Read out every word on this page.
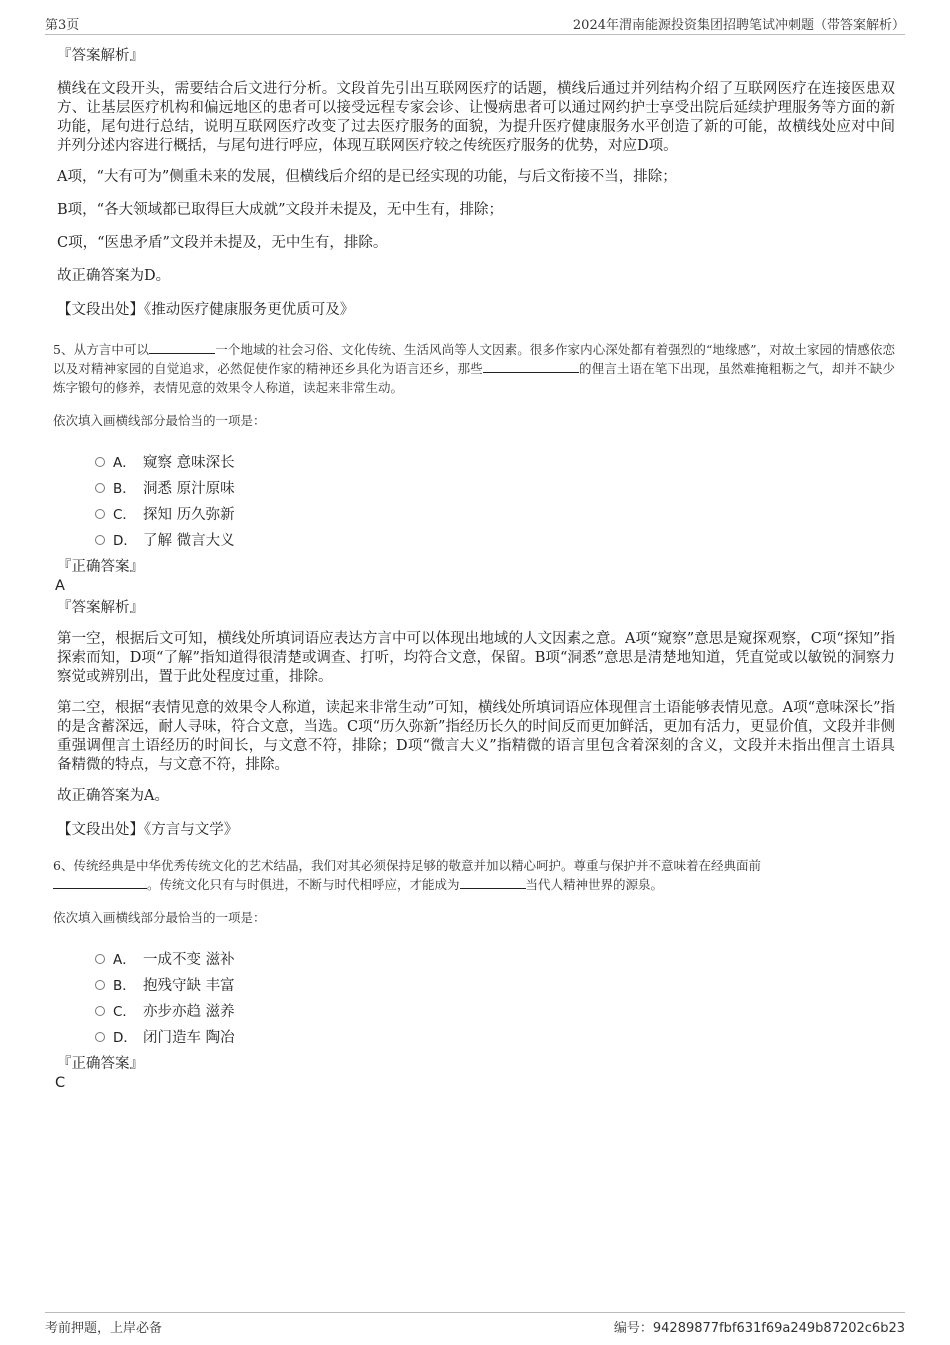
第3页	2024年渭南能源投资集团招聘笔试冲刺题（带答案解析）

『答案解析』

横线在文段开头，需要结合后文进行分析。文段首先引出互联网医疗的话题，横线后通过并列结构介绍了互联网医疗在连接医患双方、让基层医疗机构和偏远地区的患者可以接受远程专家会诊、让慢病患者可以通过网约护士享受出院后延续护理服务等方面的新功能，尾句进行总结，说明互联网医疗改变了过去医疗服务的面貌，为提升医疗健康服务水平创造了新的可能，故横线处应对中间并列分述内容进行概括，与尾句进行呼应，体现互联网医疗较之传统医疗服务的优势，对应D项。

A项，“大有可为”侧重未来的发展，但横线后介绍的是已经实现的功能，与后文衔接不当，排除；

B项，“各大领域都已取得巨大成就”文段并未提及，无中生有，排除；

C项，“医患矛盾”文段并未提及，无中生有，排除。

故正确答案为D。

【文段出处】《推动医疗健康服务更优质可及》

5、从方言中可以	一个地域的社会习俗、文化传统、生活风尚等人文因素。很多作家内心深处都有着强烈的“地缘感”，对故土家园的情感依恋以及对精神家园的自觉追求，必然促使作家的精神还乡具化为语言还乡，那些	的俚言土语在笔下出现，虽然难掩粗粝之气，却并不缺少炼字锻句的修养，表情见意的效果令人称道，读起来非常生动。

依次填入画横线部分最恰当的一项是：

A． 窥察 意味深长
B． 洞悉 原汁原味
C． 探知 历久弥新
D． 了解 微言大义

『正确答案』

A

『答案解析』

第一空，根据后文可知，横线处所填词语应表达方言中可以体现出地域的人文因素之意。A项“窥察”意思是窥探观察，C项“探知”指探索而知，D项“了解”指知道得很清楚或调查、打听，均符合文意，保留。B项“洞悉”意思是清楚地知道，凭直觉或以敏锐的洞察力察觉或辨别出，置于此处程度过重，排除。

第二空，根据“表情见意的效果令人称道，读起来非常生动”可知，横线处所填词语应体现俚言土语能够表情见意。A项“意味深长”指的是含蓄深远，耐人寻味，符合文意，当选。C项“历久弥新”指经历长久的时间反而更加鲜活，更加有活力，更显价值，文段并非侧重强调俚言土语经历的时间长，与文意不符，排除；D项“微言大义”指精微的语言里包含着深刻的含义，文段并未指出俚言土语具备精微的特点，与文意不符，排除。

故正确答案为A。

【文段出处】《方言与文学》

6、传统经典是中华优秀传统文化的艺术结晶，我们对其必须保持足够的敬意并加以精心呵护。尊重与保护并不意味着在经典面前
。传统文化只有与时俱进，不断与时代相呼应，才能成为	当代人精神世界的源泉。

依次填入画横线部分最恰当的一项是：

A． 一成不变 滋补
B． 抱残守缺 丰富
C． 亦步亦趋 滋养
D． 闭门造车 陶冶

『正确答案』

C

考前押题，上岸必备	编号：94289877fbf631f69a249b87202c6b23
